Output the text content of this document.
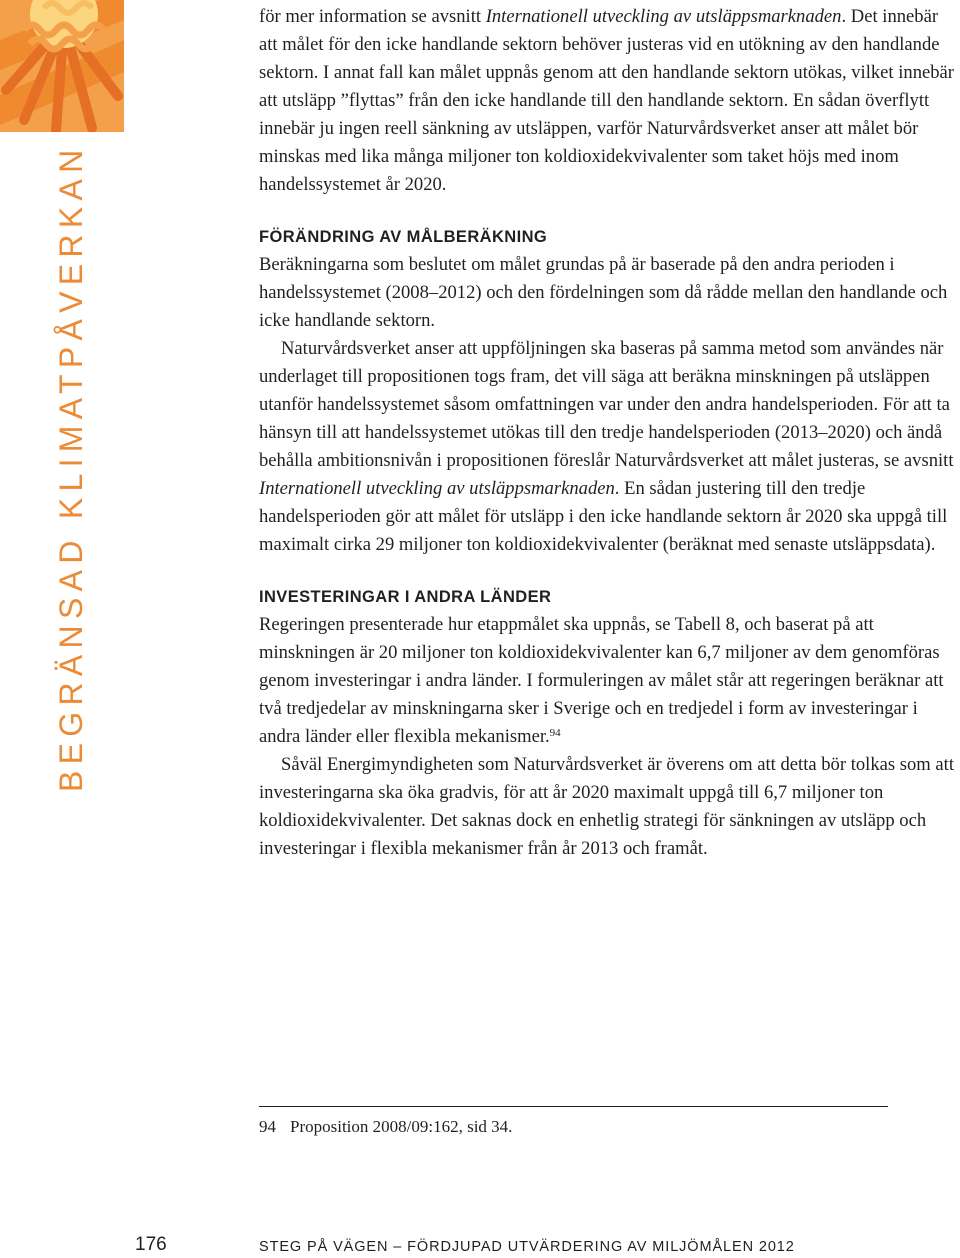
BEGRÄNSAD KLIMATPÅVERKAN

för mer information se avsnitt Internationell utveckling av utsläppsmarknaden. Det innebär att målet för den icke handlande sektorn behöver justeras vid en utökning av den handlande sektorn. I annat fall kan målet uppnås genom att den handlande sektorn utökas, vilket innebär att utsläpp ”flyttas” från den icke handlande till den handlande sektorn. En sådan överflytt innebär ju ingen reell sänkning av utsläppen, varför Naturvårdsverket anser att målet bör minskas med lika många miljoner ton koldioxidekvivalenter som taket höjs med inom handelssystemet år 2020.

FÖRÄNDRING AV MÅLBERÄKNING

Beräkningarna som beslutet om målet grundas på är baserade på den andra perioden i handelssystemet (2008–2012) och den fördelningen som då rådde mellan den handlande och icke handlande sektorn.

Naturvårdsverket anser att uppföljningen ska baseras på samma metod som användes när underlaget till propositionen togs fram, det vill säga att beräkna minskningen på utsläppen utanför handelssystemet såsom omfattningen var under den andra handelsperioden. För att ta hänsyn till att handelssystemet utökas till den tredje handelsperioden (2013–2020) och ändå behålla ambitionsnivån i propositionen föreslår Naturvårdsverket att målet justeras, se avsnitt Internationell utveckling av utsläppsmarknaden. En sådan justering till den tredje handelsperioden gör att målet för utsläpp i den icke handlande sektorn år 2020 ska uppgå till maximalt cirka 29 miljoner ton koldioxidekvivalenter (beräknat med senaste utsläppsdata).

INVESTERINGAR I ANDRA LÄNDER

Regeringen presenterade hur etappmålet ska uppnås, se Tabell 8, och baserat på att minskningen är 20 miljoner ton koldioxidekvivalenter kan 6,7 miljoner av dem genomföras genom investeringar i andra länder. I formuleringen av målet står att regeringen beräknar att två tredjedelar av minskningarna sker i Sverige och en tredjedel i form av investeringar i andra länder eller flexibla mekanismer.$^{94}$

Såväl Energimyndigheten som Naturvårdsverket är överens om att detta bör tolkas som att investeringarna ska öka gradvis, för att år 2020 maximalt uppgå till 6,7 miljoner ton koldioxidekvivalenter. Det saknas dock en enhetlig strategi för sänkningen av utsläpp och investeringar i flexibla mekanismer från år 2013 och framåt.

94 Proposition 2008/09:162, sid 34.
176	STEG PÅ VÄGEN – FÖRDJUPAD UTVÄRDERING AV MILJÖMÅLEN 2012
